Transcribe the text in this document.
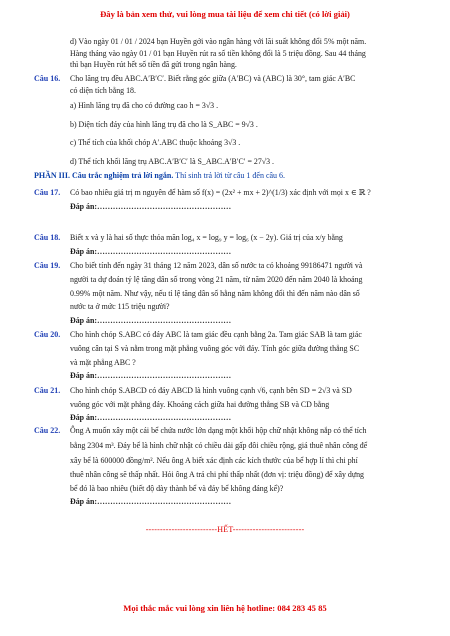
Đây là bản xem thử, vui lòng mua tài liệu để xem chi tiết (có lời giải)
d) Vào ngày 01 / 01 / 2024 bạn Huyền gởi vào ngân hàng với lãi suất không đổi 5% một năm.
Hàng tháng vào ngày 01 / 01 bạn Huyền rút ra số tiền không đổi là 5 triệu đồng. Sau 44 tháng
thì bạn Huyền rút hết số tiền đã gửi trong ngân hàng.
Cho lăng trụ đều ABC.A′B′C′. Biết rằng góc giữa (A′BC) và (ABC) là 30°, tam giác A′BC
có diện tích bằng 18.
a) Hình lăng trụ đã cho có đường cao h = 3√3 .
b) Diện tích đáy của hình lăng trụ đã cho là S_ABC = 9√3 .
c) Thể tích của khối chóp A′.ABC thuộc khoảng 3√3 .
d) Thể tích khối lăng trụ ABC.A′B′C′ là S_ABC.A′B′C′ = 27√3 .
Có bao nhiêu giá trị m nguyên để hàm số f(x) = (2x² + mx + 2)^(1/3) xác định với mọi x ∈ ℝ ?
Đáp án:……………………………………………
Biết x và y là hai số thực thỏa mãn log₄ x = log₉ y = log₆ (x − 2y). Giá trị của x/y bằng
Đáp án:……………………………………………
Cho biết tính đến ngày 31 tháng 12 năm 2023, dân số nước ta có khoảng 99186471 người và
người ta dự đoán tỷ lệ tăng dân số trong vòng 21 năm, từ năm 2020 đến năm 2040 là khoảng
0.99% một năm. Như vậy, nếu tỉ lệ tăng dân số hằng năm không đổi thì đến năm nào dân số
nước ta ở mức 115 triệu người?
Đáp án:……………………………………………
Cho hình chóp S.ABC có đáy ABC là tam giác đều cạnh bằng 2a. Tam giác SAB là tam giác
vuông cân tại S và nằm trong mặt phẳng vuông góc với đáy. Tính góc giữa đường thẳng SC
và mặt phẳng ABC ?
Đáp án:……………………………………………
Cho hình chóp S.ABCD có đáy ABCD là hình vuông cạnh √6, cạnh bên SD = 2√3 và SD
vuông góc với mặt phẳng đáy. Khoảng cách giữa hai đường thẳng SB và CD bằng
Đáp án:……………………………………………
Ông A muốn xây một cái bể chứa nước lớn dạng một khối hộp chữ nhật không nắp có thể tích
bằng 2304 m³. Đáy bể là hình chữ nhật có chiều dài gấp đôi chiều rộng, giá thuê nhân công để
xây bể là 600000 đồng/m². Nếu ông A biết xác định các kích thước của bể hợp lí thì chi phí
thuê nhân công sẽ thấp nhất. Hỏi ông A trả chi phí thấp nhất (đơn vị: triệu đồng) để xây dựng
bể đó là bao nhiêu (biết độ dày thành bể và đáy bể không đáng kể)?
Đáp án:……………………………………………
Câu 16.
Câu 17.
Câu 18.
Câu 19.
Câu 20.
Câu 21.
Câu 22.
PHẦN III. Câu trắc nghiệm trả lời ngắn. Thí sinh trả lời từ câu 1 đến câu 6.
-------------------------HẾT-------------------------
Mọi thắc mắc vui lòng xin liên hệ hotline: 084 283 45 85
